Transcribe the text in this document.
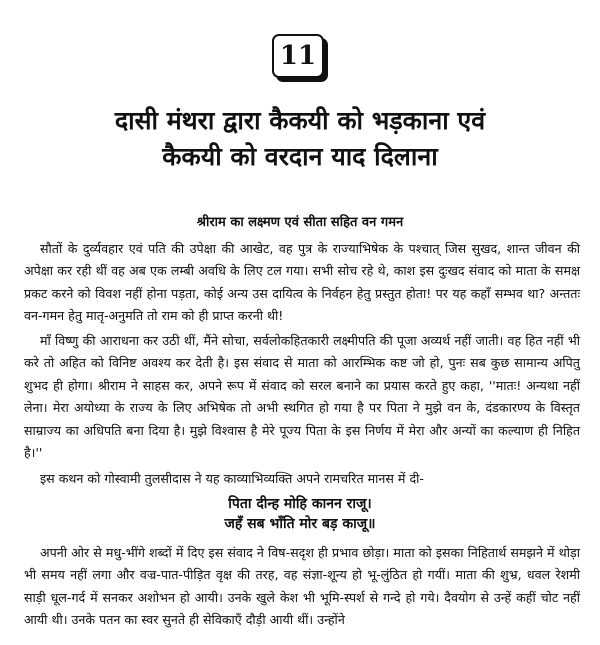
11
दासी मंथरा द्वारा कैकयी को भड़काना एवं
कैकयी को वरदान याद दिलाना
श्रीराम का लक्ष्मण एवं सीता सहित वन गमन

सौतों के दुर्व्यवहार एवं पति की उपेक्षा की आखेट, वह पुत्र के राज्याभिषेक के पश्चात् जिस सुखद, शान्त जीवन की अपेक्षा कर रही थीं वह अब एक लम्बी अवधि के लिए टल गया। सभी सोच रहे थे, काश इस दुःखद संवाद को माता के समक्ष प्रकट करने को विवश नहीं होना पड़ता, कोई अन्य उस दायित्व के निर्वहन हेतु प्रस्तुत होता! पर यह कहाँ सम्भव था? अन्ततः वन-गमन हेतु मातृ-अनुमति तो राम को ही प्राप्त करनी थी!

माँ विष्णु की आराधना कर उठी थीं, मैंने सोचा, सर्वलोकहितकारी लक्ष्मीपति की पूजा अव्यर्थ नहीं जाती। वह हित नहीं भी करे तो अहित को विनिष्ट अवश्य कर देती है। इस संवाद से माता को आरम्भिक कष्ट जो हो, पुनः सब कुछ सामान्य अपितु शुभद ही होगा। श्रीराम ने साहस कर, अपने रूप में संवाद को सरल बनाने का प्रयास करते हुए कहा, ''मातः! अन्यथा नहीं लेना। मेरा अयोध्या के राज्य के लिए अभिषेक तो अभी स्थगित हो गया है पर पिता ने मुझे वन के, दंडकारण्य के विस्तृत साम्राज्य का अधिपति बना दिया है। मुझे विश्वास है मेरे पूज्य पिता के इस निर्णय में मेरा और अन्यों का कल्याण ही निहित है।''

इस कथन को गोस्वामी तुलसीदास ने यह काव्याभिव्यक्ति अपने रामचरित मानस में दी-

पिता दीन्ह मोहि कानन राजू।
जहँ सब भाँति मोर बड़ काजू॥

अपनी ओर से मधु-भींगे शब्दों में दिए इस संवाद ने विष-सदृश ही प्रभाव छोड़ा। माता को इसका निहितार्थ समझने में थोड़ा भी समय नहीं लगा और वज्र-पात-पीड़ित वृक्ष की तरह, वह संज्ञा-शून्य हो भू-लुंठित हो गयीं। माता की शुभ्र, धवल रेशमी साड़ी धूल-गर्द में सनकर अशोभन हो आयी। उनके खुले केश भी भूमि-स्पर्श से गन्दे हो गये। दैवयोग से उन्हें कहीं चोट नहीं आयी थी। उनके पतन का स्वर सुनते ही सेविकाएँ दौड़ी आयी थीं। उन्होंने
